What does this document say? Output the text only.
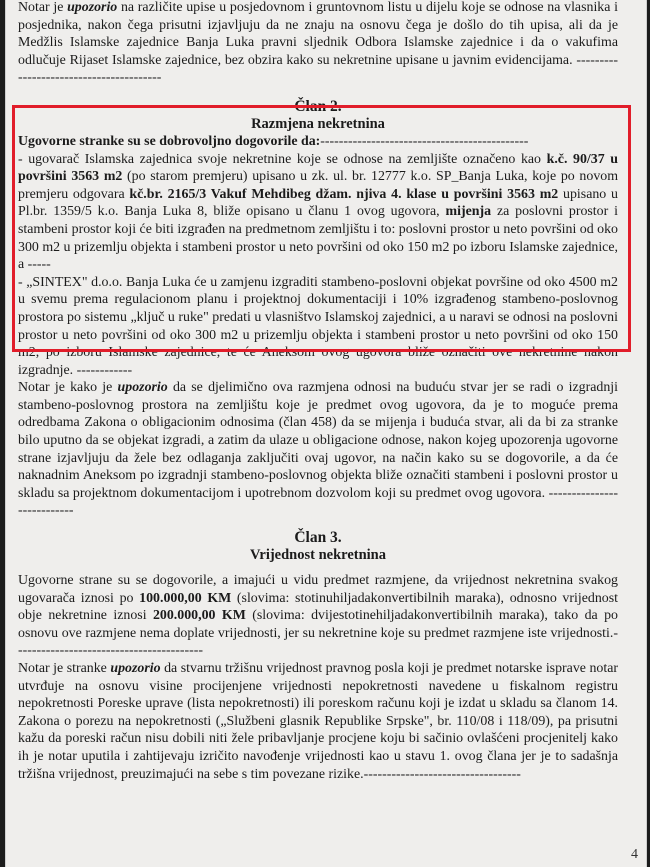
Notar je upozorio na različite upise u posjedovnom i gruntovnom listu u dijelu koje se odnose na vlasnika i posjednika, nakon čega prisutni izjavljuju da ne znaju na osnovu čega je došlo do tih upisa, ali da je Medžlis Islamske zajednice Banja Luka pravni sljednik Odbora Islamske zajednice i da o vakufima odlučuje Rijaset Islamske zajednice, bez obzira kako su nekretnine upisane u javnim evidencijama. ----------------------------------------

Član 2.

Razmjena nekretnina

Ugovorne stranke su se dobrovoljno dogovorile da:---------------------------------------------

- ugovarač Islamska zajednica svoje nekretnine koje se odnose na zemljište označeno kao k.č. 90/37 u površini 3563 m2 (po starom premjeru) upisano u zk. ul. br. 12777 k.o. SP_Banja Luka, koje po novom premjeru odgovara kč.br. 2165/3 Vakuf Mehdibeg džam. njiva 4. klase u površini 3563 m2 upisano u Pl.br. 1359/5 k.o. Banja Luka 8, bliže opisano u članu 1 ovog ugovora, mijenja za poslovni prostor i stambeni prostor koji će biti izgrađen na predmetnom zemljištu i to: poslovni prostor u neto površini od oko 300 m2 u prizemlju objekta i stambeni prostor u neto površini od oko 150 m2 po izboru Islamske zajednice, a -----

- „SINTEX" d.o.o. Banja Luka će u zamjenu izgraditi stambeno-poslovni objekat površine od oko 4500 m2 u svemu prema regulacionom planu i projektnoj dokumentaciji i 10% izgrađenog stambeno-poslovnog prostora po sistemu „ključ u ruke" predati u vlasništvo Islamskoj zajednici, a u naravi se odnosi na poslovni prostor u neto površini od oko 300 m2 u prizemlju objekta i stambeni prostor u neto površini od oko 150 m2, po izboru Islamske zajednice, te će Aneksom ovog ugovora bliže označiti ove nekretnine nakon izgradnje. ------------

Notar je kako je upozorio da se djelimično ova razmjena odnosi na buduću stvar jer se radi o izgradnji stambeno-poslovnog prostora na zemljištu koje je predmet ovog ugovora, da je to moguće prema odredbama Zakona o obligacionim odnosima (član 458) da se mijenja i buduća stvar, ali da bi za stranke bilo uputno da se objekat izgradi, a zatim da ulaze u obligacione odnose, nakon kojeg upozorenja ugovorne strane izjavljuju da žele bez odlaganja zaključiti ovaj ugovor, na način kako su se dogovorile, a da će naknadnim Aneksom po izgradnji stambeno-poslovnog objekta bliže označiti stambeni i poslovni prostor u skladu sa projektnom dokumentacijom i upotrebnom dozvolom koji su predmet ovog ugovora. ---------------------------

Član 3.

Vrijednost nekretnina

Ugovorne strane su se dogovorile, a imajući u vidu predmet razmjene, da vrijednost nekretnina svakog ugovarača iznosi po 100.000,00 KM (slovima: stotinuhiljadakonvertibilnih maraka), odnosno vrijednost obje nekretnine iznosi 200.000,00 KM (slovima: dvijestotinehiljadakonvertibilnih maraka), tako da po osnovu ove razmjene nema doplate vrijednosti, jer su nekretnine koje su predmet razmjene iste vrijednosti.-----------------------------------------

Notar je stranke upozorio da stvarnu tržišnu vrijednost pravnog posla koji je predmet notarske isprave notar utvrđuje na osnovu visine procijenjene vrijednosti nepokretnosti navedene u fiskalnom registru nepokretnosti Poreske uprave (lista nepokretnosti) ili poreskom računu koji je izdat u skladu sa članom 14. Zakona o porezu na nepokretnosti („Službeni glasnik Republike Srpske", br. 110/08 i 118/09), pa prisutni kažu da poreski račun nisu dobili niti žele pribavljanje procjene koju bi sačinio ovlašćeni procjenitelj kako ih je notar uputila i zahtijevaju izričito navođenje vrijednosti kao u stavu 1. ovog člana jer je to sadašnja tržišna vrijednost, preuzimajući na sebe s tim povezane rizike.----------------------------------

4
